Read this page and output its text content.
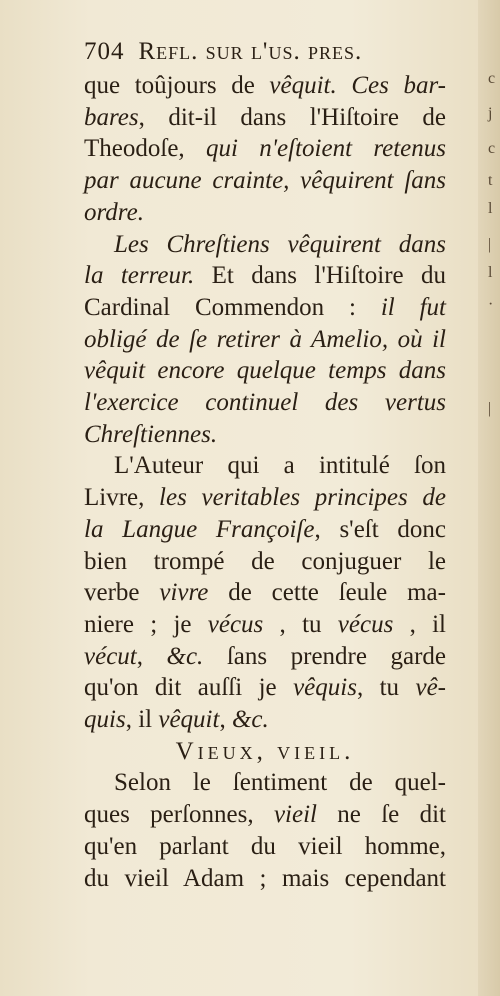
c
j
c
t
l
|
l
·
|
704 Refl. sur l'us. pres.
que toûjours de vêquit. Ces bar-
bares, dit-il dans l'Hiſtoire de
Theodoſe, qui n'eſtoient retenus
par aucune crainte, vêquirent ſans
ordre.
Les Chreſtiens vêquirent dans
la terreur. Et dans l'Hiſtoire du
Cardinal Commendon : il fut
obligé de ſe retirer à Amelio, où il
vêquit encore quelque temps dans
l'exercice continuel des vertus
Chreſtiennes.
L'Auteur qui a intitulé ſon
Livre, les veritables principes de
la Langue Françoiſe, s'eſt donc
bien trompé de conjuguer le
verbe vivre de cette ſeule ma-
niere ; je vécus , tu vécus , il
vécut, &c. ſans prendre garde
qu'on dit auſſi je vêquis, tu vê-
quis, il vêquit, &c.
Vieux, vieil.
Selon le ſentiment de quel-
ques perſonnes, vieil ne ſe dit
qu'en parlant du vieil homme,
du vieil Adam ; mais cependant
